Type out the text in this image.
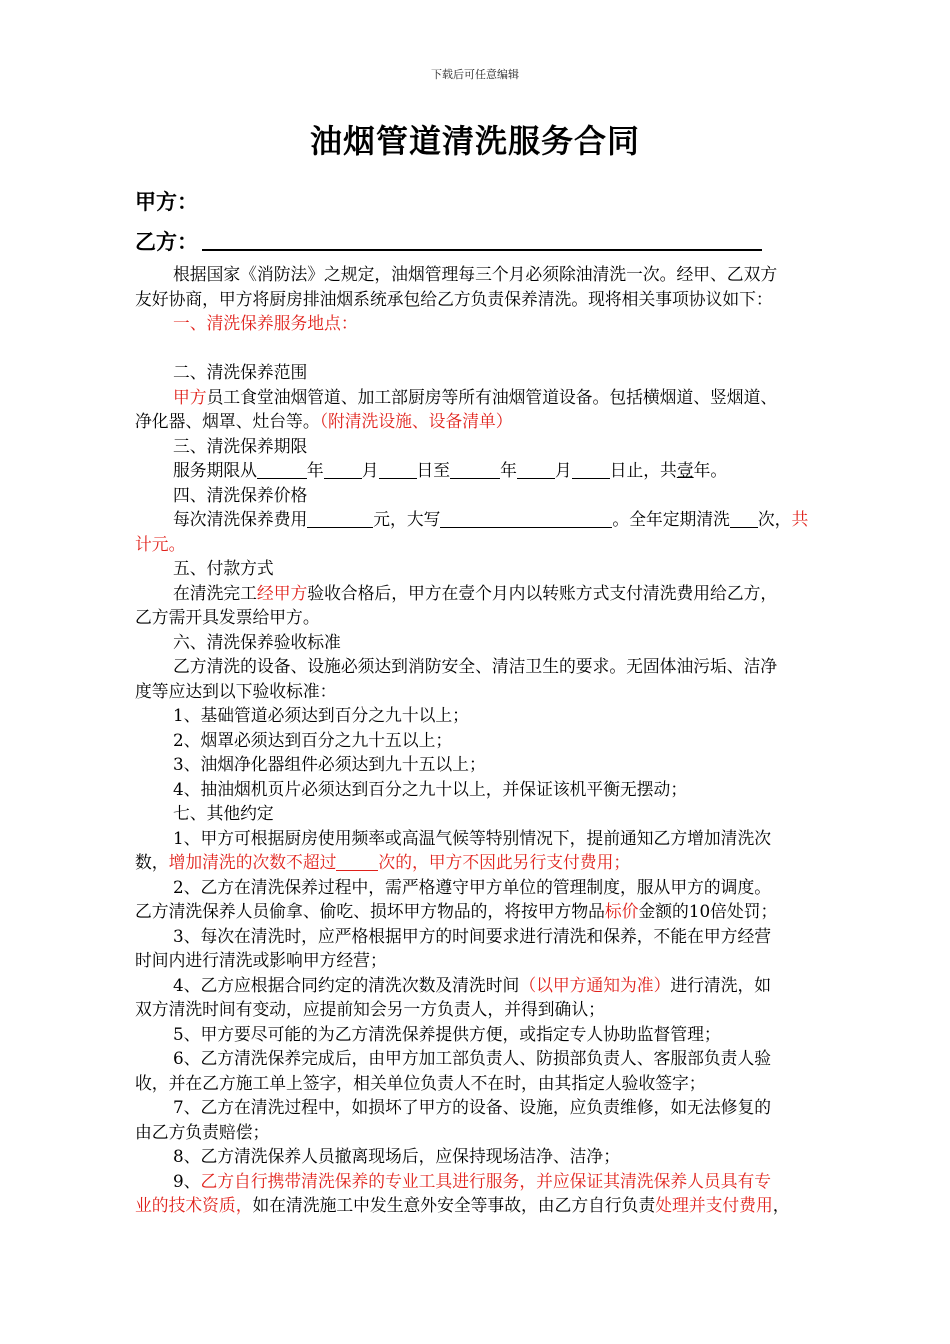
下载后可任意编辑
油烟管道清洗服务合同
甲方：
乙方：

根据国家《消防法》之规定，油烟管理每三个月必须除油清洗一次。经甲、乙双方

友好协商，甲方将厨房排油烟系统承包给乙方负责保养清洗。现将相关事项协议如下：

一、清洗保养服务地点：

二、清洗保养范围

甲方员工食堂油烟管道、加工部厨房等所有油烟管道设备。包括横烟道、竖烟道、

净化器、烟罩、灶台等。（附清洗设施、设备清单）

三、清洗保养期限

服务期限从	年 月 日至	年 月 日止，共壹年。

四、清洗保养价格

每次清洗保养费用	元，大写	。全年定期清洗 次，共

计元。

五、付款方式

在清洗完工经甲方验收合格后，甲方在壹个月内以转账方式支付清洗费用给乙方，

乙方需开具发票给甲方。

六、清洗保养验收标准

乙方清洗的设备、设施必须达到消防安全、清洁卫生的要求。无固体油污垢、洁净

度等应达到以下验收标准：

1、基础管道必须达到百分之九十以上；

2、烟罩必须达到百分之九十五以上；

3、油烟净化器组件必须达到九十五以上；

4、抽油烟机页片必须达到百分之九十以上，并保证该机平衡无摆动；

七、其他约定

1、甲方可根据厨房使用频率或高温气候等特别情况下，提前通知乙方增加清洗次

数，增加清洗的次数不超过	次的，甲方不因此另行支付费用；

2、乙方在清洗保养过程中，需严格遵守甲方单位的管理制度，服从甲方的调度。

乙方清洗保养人员偷拿、偷吃、损坏甲方物品的，将按甲方物品标价金额的10倍处罚；

3、每次在清洗时，应严格根据甲方的时间要求进行清洗和保养，不能在甲方经营

时间内进行清洗或影响甲方经营；

4、乙方应根据合同约定的清洗次数及清洗时间（以甲方通知为准）进行清洗，如

双方清洗时间有变动，应提前知会另一方负责人，并得到确认；

5、甲方要尽可能的为乙方清洗保养提供方便，或指定专人协助监督管理；

6、乙方清洗保养完成后，由甲方加工部负责人、防损部负责人、客服部负责人验

收，并在乙方施工单上签字，相关单位负责人不在时，由其指定人验收签字；

7、乙方在清洗过程中，如损坏了甲方的设备、设施，应负责维修，如无法修复的

由乙方负责赔偿；

8、乙方清洗保养人员撤离现场后，应保持现场洁净、洁净；

9、乙方自行携带清洗保养的专业工具进行服务，并应保证其清洗保养人员具有专

业的技术资质，如在清洗施工中发生意外安全等事故，由乙方自行负责处理并支付费用，
